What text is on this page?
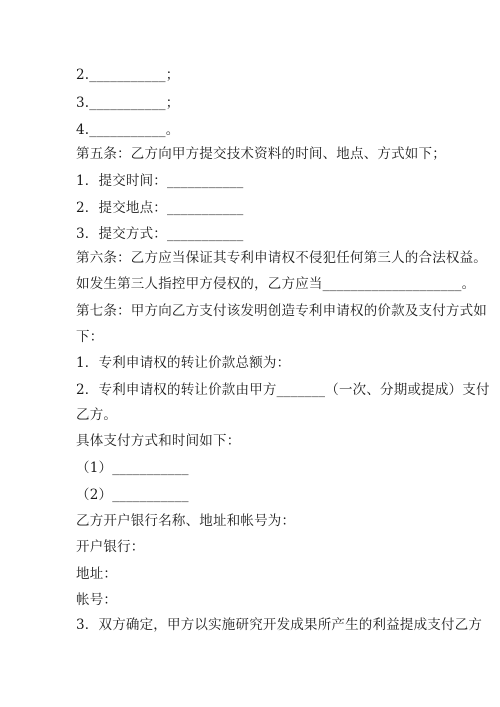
2.___________；
3.___________；
4.___________。
第五条：乙方向甲方提交技术资料的时间、地点、方式如下；
1．提交时间：___________
2．提交地点：___________
3．提交方式：___________
第六条：乙方应当保证其专利申请权不侵犯任何第三人的合法权益。
如发生第三人指控甲方侵权的，乙方应当____________________。
第七条：甲方向乙方支付该发明创造专利申请权的价款及支付方式如
下：
1．专利申请权的转让价款总额为：
2．专利申请权的转让价款由甲方_______（一次、分期或提成）支付
乙方。
具体支付方式和时间如下：
（1）___________
（2）___________
乙方开户银行名称、地址和帐号为：
开户银行：
地址：
帐号：
3．双方确定，甲方以实施研究开发成果所产生的利益提成支付乙方
